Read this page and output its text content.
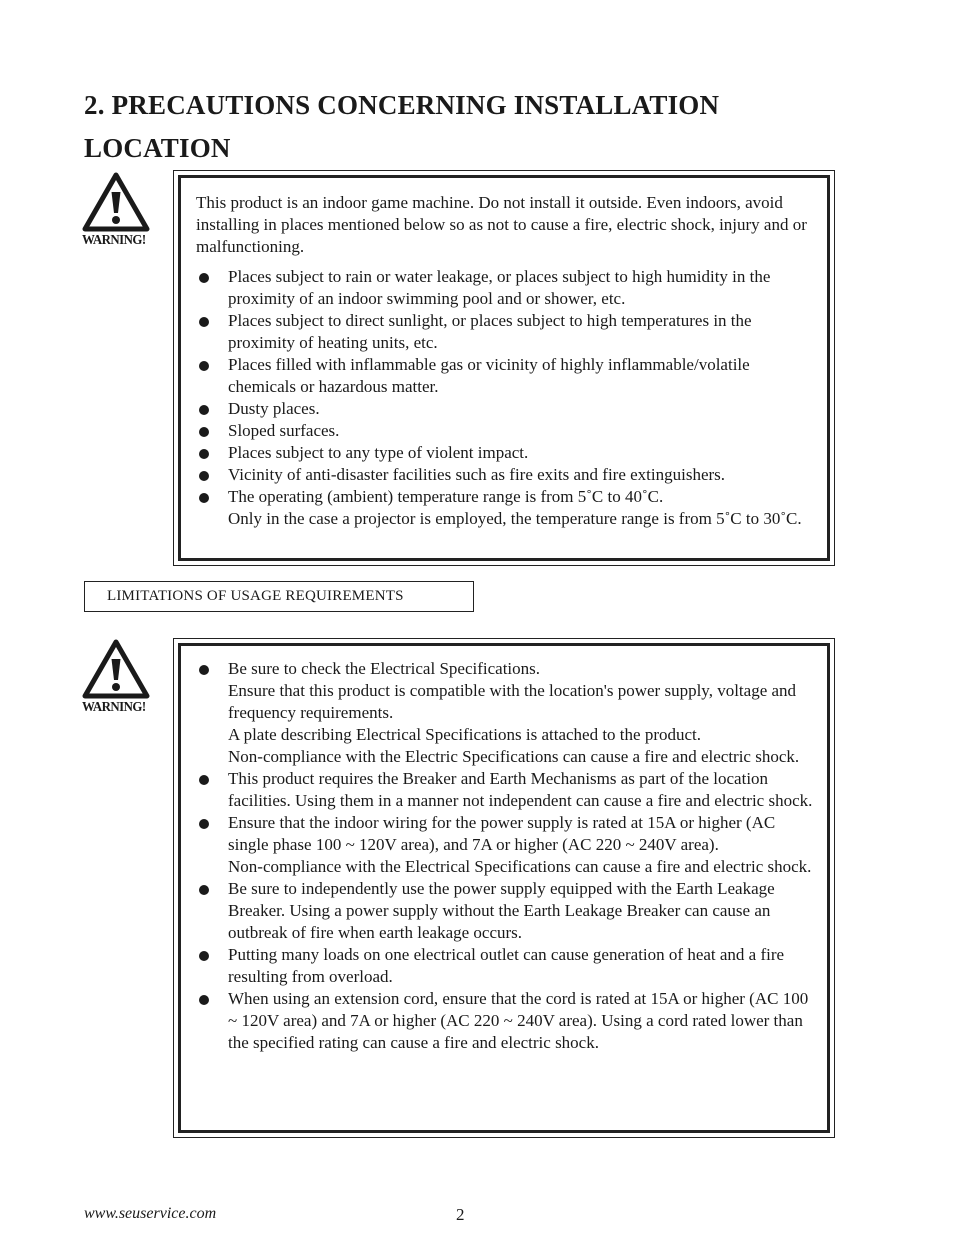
2. PRECAUTIONS CONCERNING INSTALLATION
LOCATION
WARNING!

This product is an indoor game machine. Do not install it outside. Even indoors, avoid installing in places mentioned below so as not to cause a fire, electric shock, injury and or malfunctioning.

Places subject to rain or water leakage, or places subject to high humidity in the proximity of an indoor swimming pool and or shower, etc.
Places subject to direct sunlight, or places subject to high temperatures in the proximity of heating units, etc.
Places filled with inflammable gas or vicinity of highly inflammable/volatile chemicals or hazardous matter.
Dusty places.
Sloped surfaces.
Places subject to any type of violent impact.
Vicinity of anti-disaster facilities such as fire exits and fire extinguishers.
The operating (ambient) temperature range is from 5˚C to 40˚C.
Only in the case a projector is employed, the temperature range is from 5˚C to 30˚C.
LIMITATIONS OF USAGE REQUIREMENTS
WARNING!
Be sure to check the Electrical Specifications.
Ensure that this product is compatible with the location's power supply, voltage and frequency requirements.
A plate describing Electrical Specifications is attached to the product.
Non-compliance with the Electric Specifications can cause a fire and electric shock.
This product requires the Breaker and Earth Mechanisms as part of the location facilities. Using them in a manner not independent can cause a fire and electric shock.
Ensure that the indoor wiring for the power supply is rated at 15A or higher (AC single phase 100 ~ 120V area), and 7A or higher (AC 220 ~ 240V area).
Non-compliance with the Electrical Specifications can cause a fire and electric shock.
Be sure to independently use the power supply equipped with the Earth Leakage Breaker. Using a power supply without the Earth Leakage Breaker can cause an outbreak of fire when earth leakage occurs.
Putting many loads on one electrical outlet can cause generation of heat and a fire resulting from overload.
When using an extension cord, ensure that the cord is rated at 15A or higher (AC 100 ~ 120V area) and 7A or higher (AC 220 ~ 240V area). Using a cord rated lower than the specified rating can cause a fire and electric shock.
www.seuservice.com	2
